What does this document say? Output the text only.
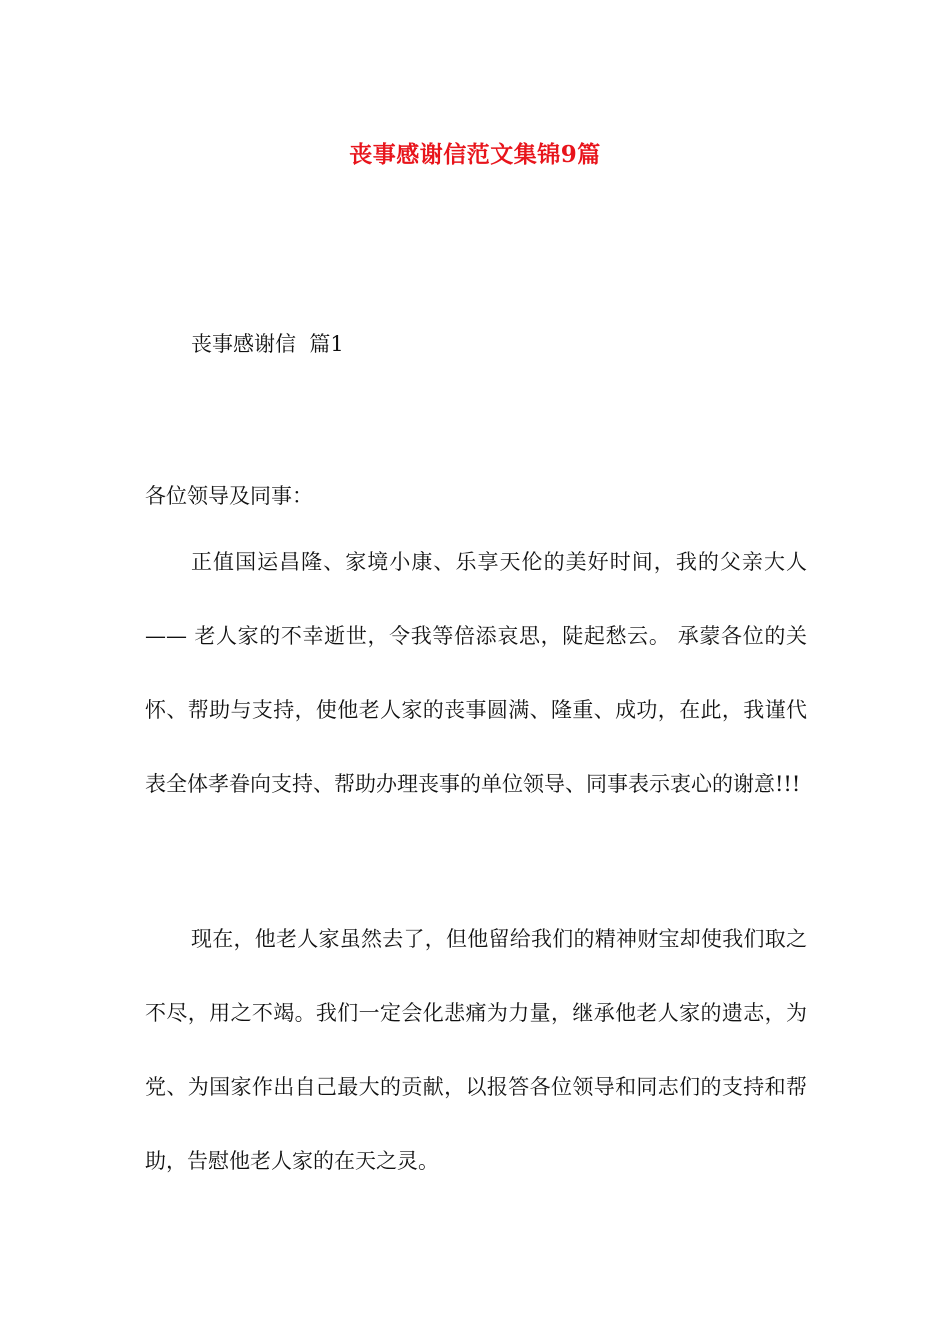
丧事感谢信范文集锦9篇
丧事感谢信  篇1
各位领导及同事：

正值国运昌隆、家境小康、乐享天伦的美好时间，我的父亲大人—— 老人家的不幸逝世，令我等倍添哀思，陡起愁云。 承蒙各位的关怀、帮助与支持，使他老人家的丧事圆满、隆重、成功，在此，我谨代表全体孝眷向支持、帮助办理丧事的单位领导、同事表示衷心的谢意!!!

现在，他老人家虽然去了，但他留给我们的精神财宝却使我们取之不尽，用之不竭。我们一定会化悲痛为力量，继承他老人家的遗志，为党、为国家作出自己最大的贡献，以报答各位领导和同志们的支持和帮助，告慰他老人家的在天之灵。
